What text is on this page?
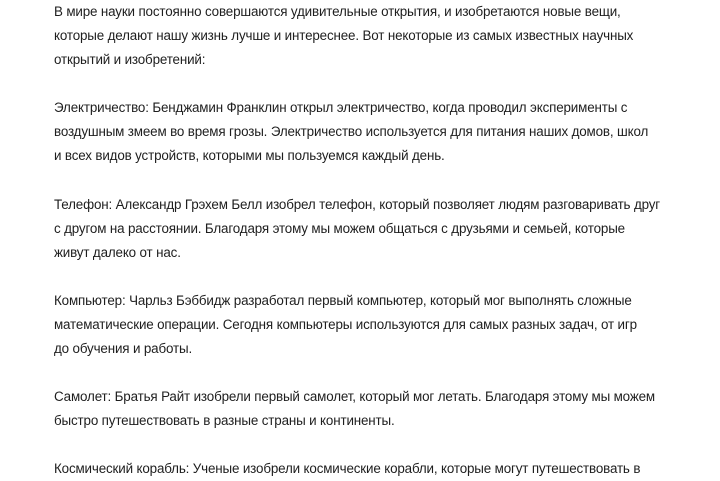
В мире науки постоянно совершаются удивительные открытия, и изобретаются новые вещи,
которые делают нашу жизнь лучше и интереснее. Вот некоторые из самых известных научных
открытий и изобретений:
Электричество: Бенджамин Франклин открыл электричество, когда проводил эксперименты с
воздушным змеем во время грозы. Электричество используется для питания наших домов, школ
и всех видов устройств, которыми мы пользуемся каждый день.
Телефон: Александр Грэхем Белл изобрел телефон, который позволяет людям разговаривать друг
с другом на расстоянии. Благодаря этому мы можем общаться с друзьями и семьей, которые
живут далеко от нас.
Компьютер: Чарльз Бэббидж разработал первый компьютер, который мог выполнять сложные
математические операции. Сегодня компьютеры используются для самых разных задач, от игр
до обучения и работы.
Самолет: Братья Райт изобрели первый самолет, который мог летать. Благодаря этому мы можем
быстро путешествовать в разные страны и континенты.
Космический корабль: Ученые изобрели космические корабли, которые могут путешествовать в
